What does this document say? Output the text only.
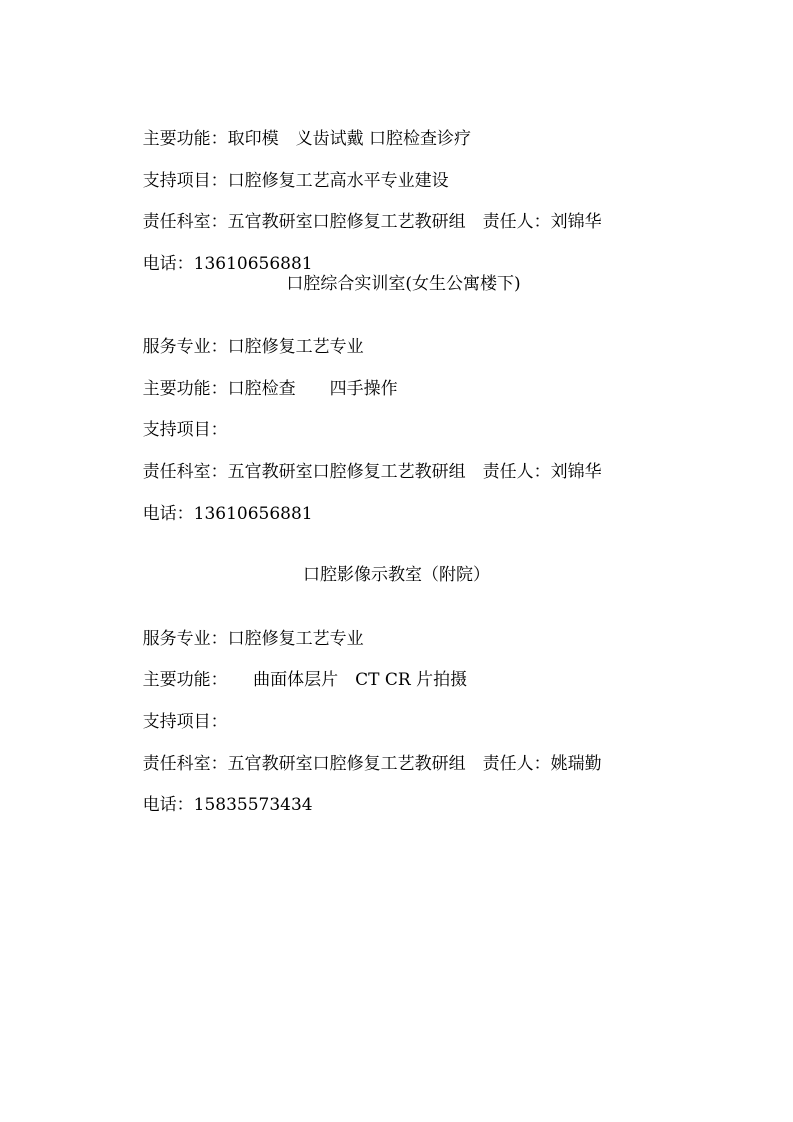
主要功能：取印模　义齿试戴 口腔检查诊疗

支持项目：口腔修复工艺高水平专业建设

责任科室：五官教研室口腔修复工艺教研组　 责任人：刘锦华

电话：13610656881

口腔综合实训室(女生公寓楼下)

服务专业：口腔修复工艺专业

主要功能：口腔检查　　四手操作

支持项目：

责任科室：五官教研室口腔修复工艺教研组　 责任人：刘锦华

电话：13610656881

口腔影像示教室（附院）

服务专业：口腔修复工艺专业

主要功能：　　曲面体层片　CT CR 片拍摄

支持项目：

责任科室：五官教研室口腔修复工艺教研组　 责任人：姚瑞勤

电话：15835573434
